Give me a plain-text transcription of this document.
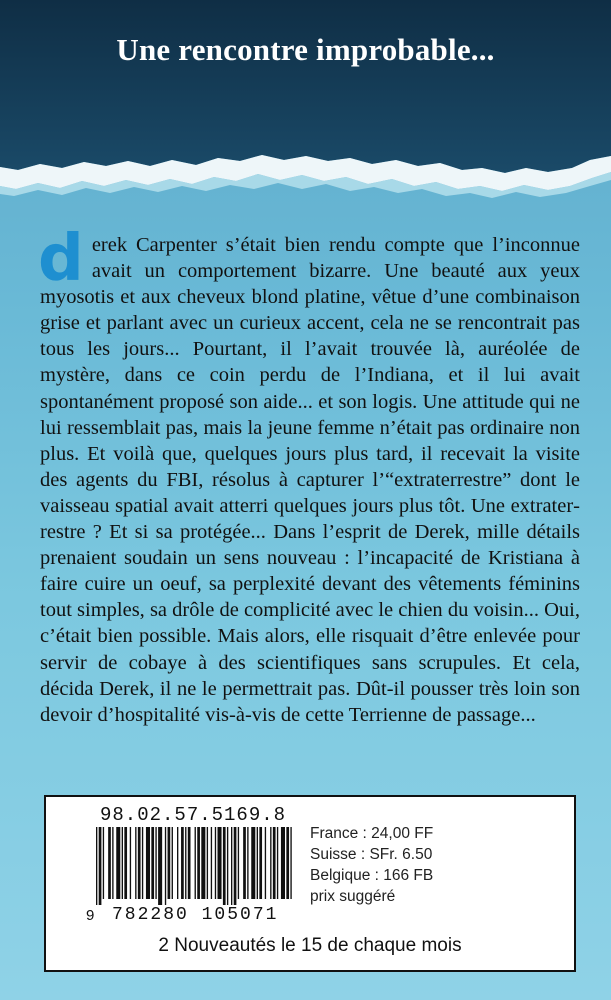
Une rencontre improbable...
derek Carpenter s’était bien rendu compte que l’inconnue avait un comportement bizarre. Une beauté aux yeux myosotis et aux cheveux blond platine, vêtue d’une combinaison grise et parlant avec un curieux accent, cela ne se rencontrait pas tous les jours... Pourtant, il l’avait trouvée là, auréolée de mystère, dans ce coin perdu de l’Indiana, et il lui avait spontanément proposé son aide... et son logis. Une attitude qui ne lui ressemblait pas, mais la jeune femme n’était pas ordinaire non plus. Et voilà que, quelques jours plus tard, il recevait la visite des agents du FBI, résolus à capturer l’“extraterrestre” dont le vaisseau spatial avait atterri quelques jours plus tôt. Une extraterrestre ? Et si sa protégée... Dans l’esprit de Derek, mille détails prenaient soudain un sens nouveau : l’incapacité de Kristiana à faire cuire un oeuf, sa perplexité devant des vêtements féminins tout simples, sa drôle de complicité avec le chien du voisin... Oui, c’était bien possible. Mais alors, elle risquait d’être enlevée pour servir de cobaye à des scientifiques sans scrupules. Et cela, décida Derek, il ne le permettrait pas. Dût-il pousser très loin son devoir d’hospitalité vis-à-vis de cette Terrienne de passage...
98.02.57.5169.8
9 782280 105071
France : 24,00 FF
Suisse : SFr. 6.50
Belgique : 166 FB
prix suggéré
2 Nouveautés le 15 de chaque mois
